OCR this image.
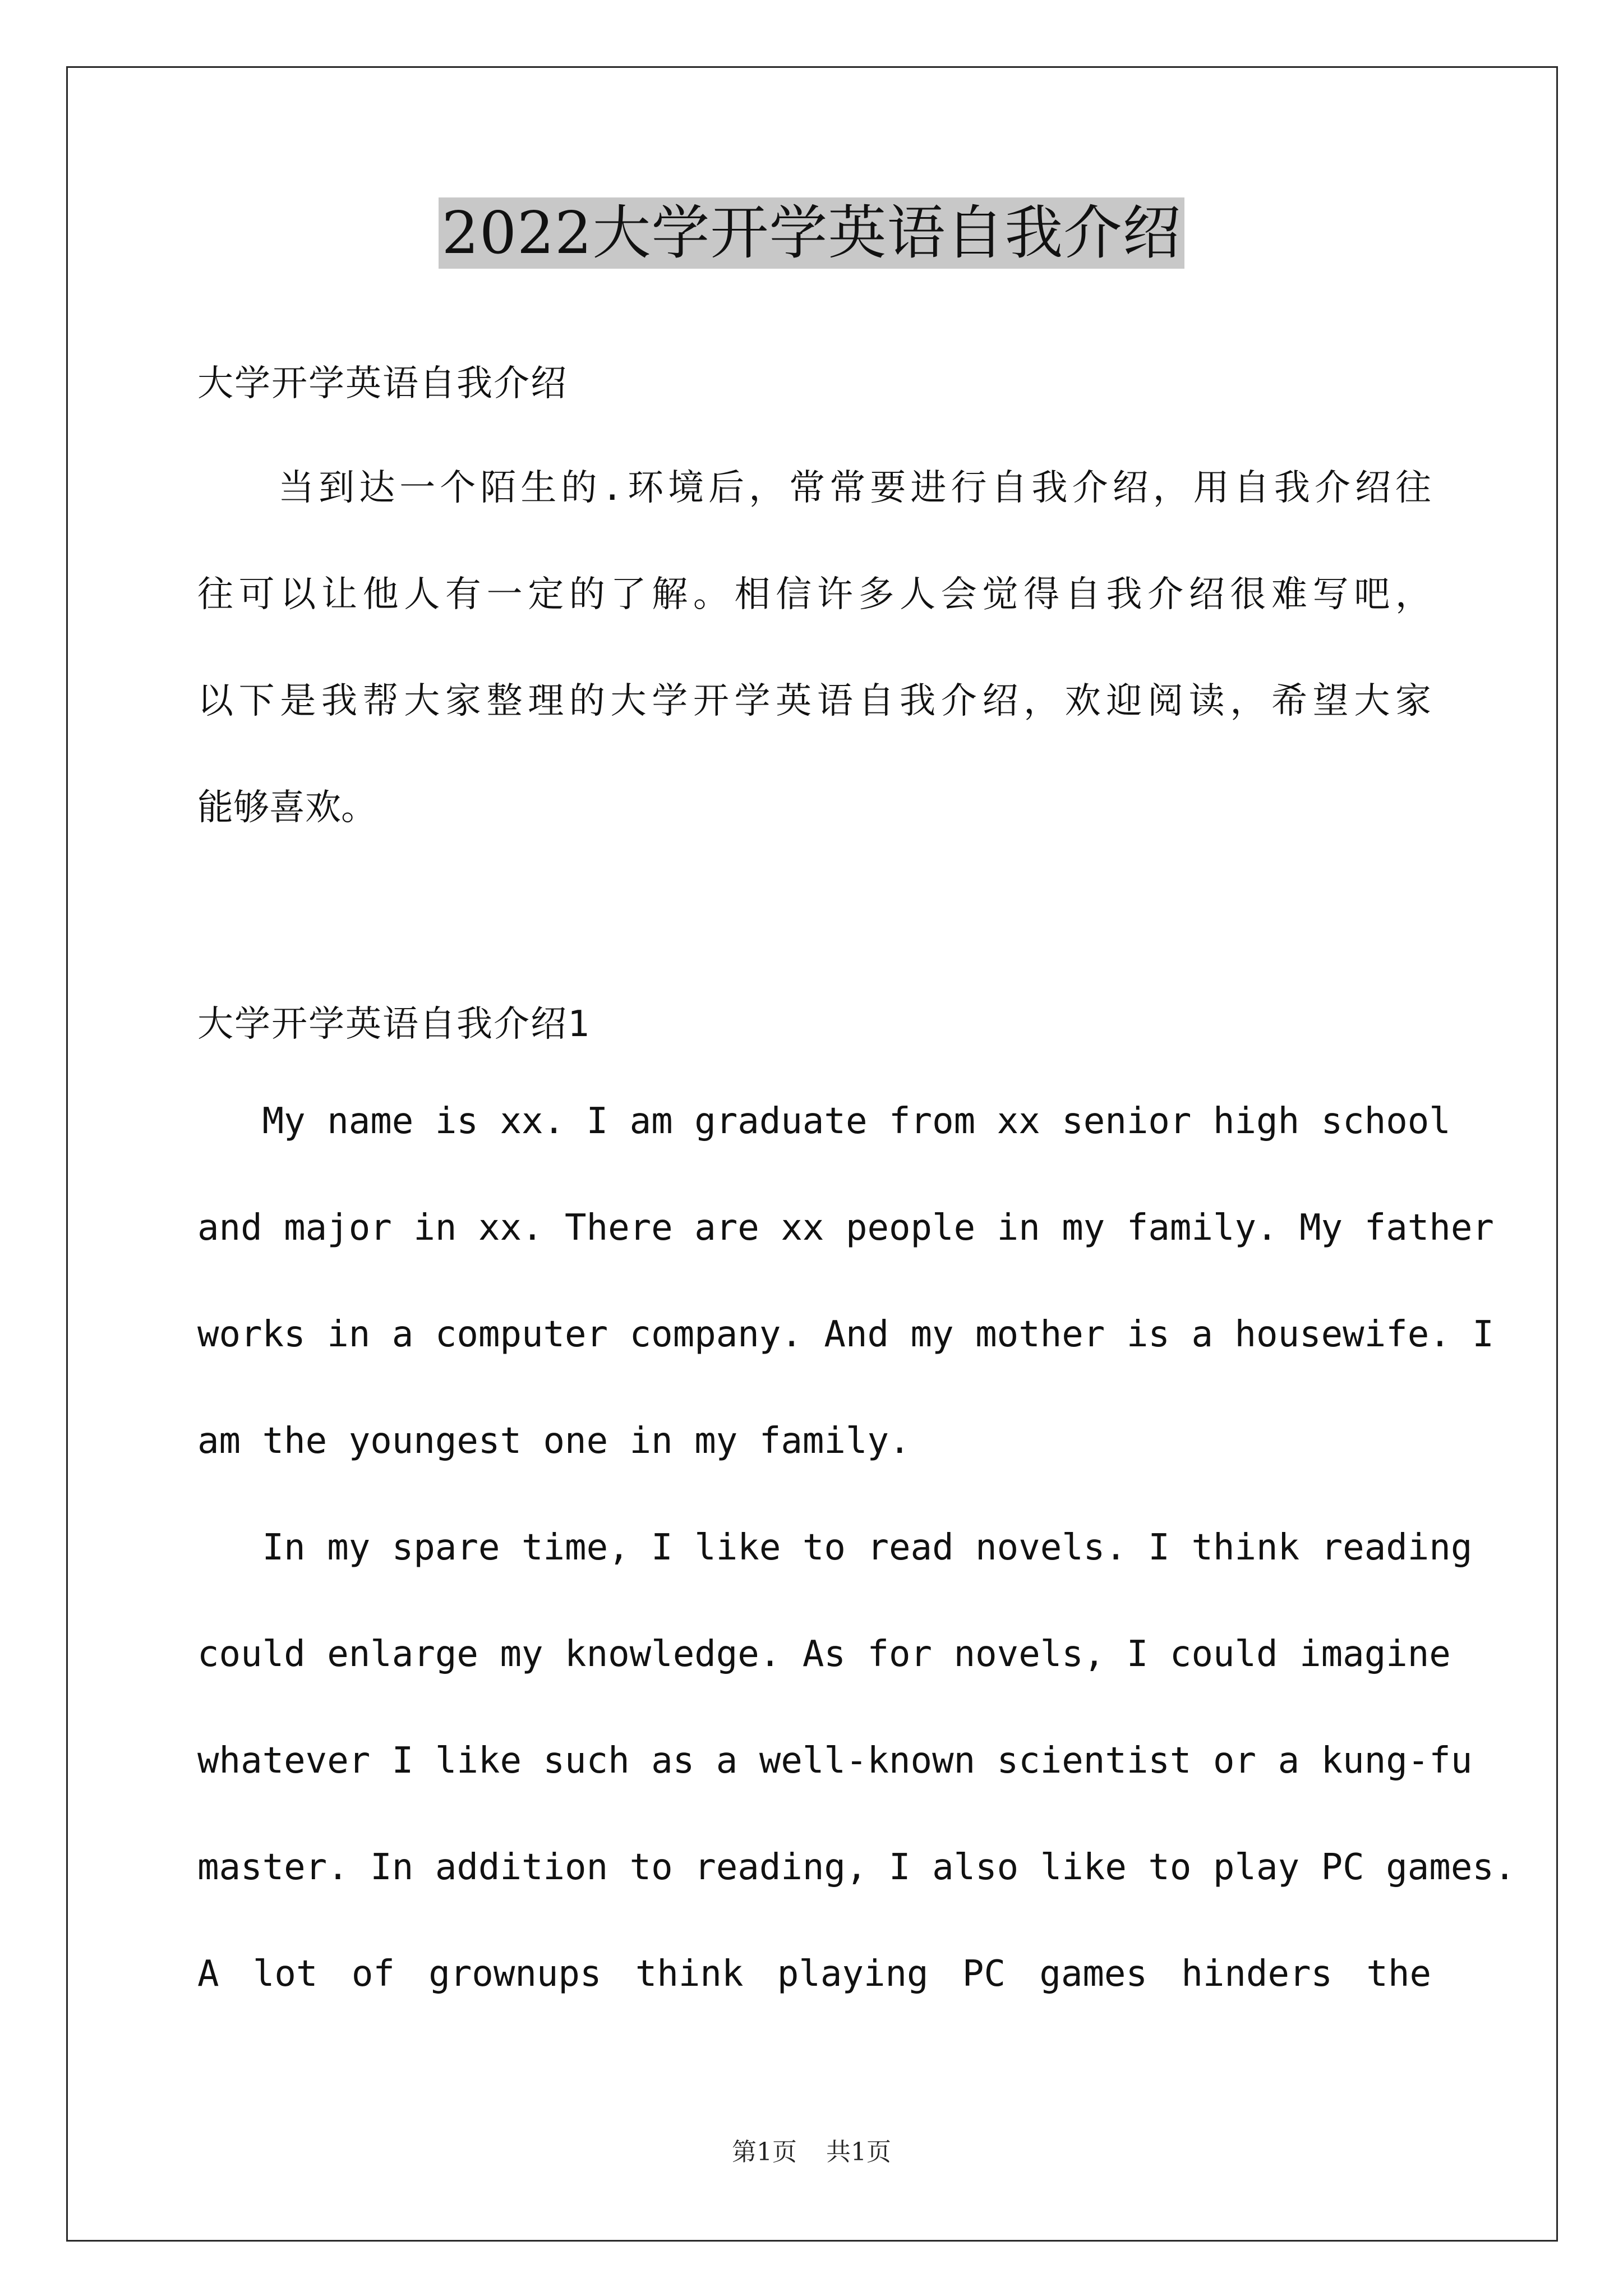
2022大学开学英语自我介绍

大学开学英语自我介绍

　　当到达一个陌生的.环境后，常常要进行自我介绍，用自我介绍往

往可以让他人有一定的了解。相信许多人会觉得自我介绍很难写吧，

以下是我帮大家整理的大学开学英语自我介绍，欢迎阅读，希望大家

能够喜欢。

大学开学英语自我介绍1

My name is xx. I am graduate from xx senior high school

and major in xx. There are xx people in my family. My father

works in a computer company. And my mother is a housewife. I

am the youngest one in my family.

In my spare time, I like to read novels. I think reading

could enlarge my knowledge. As for novels, I could imagine

whatever I like such as a well-known scientist or a kung-fu

master. In addition to reading, I also like to play PC games.

A lot of grownups think playing PC games hinders the

第1页 共1页
